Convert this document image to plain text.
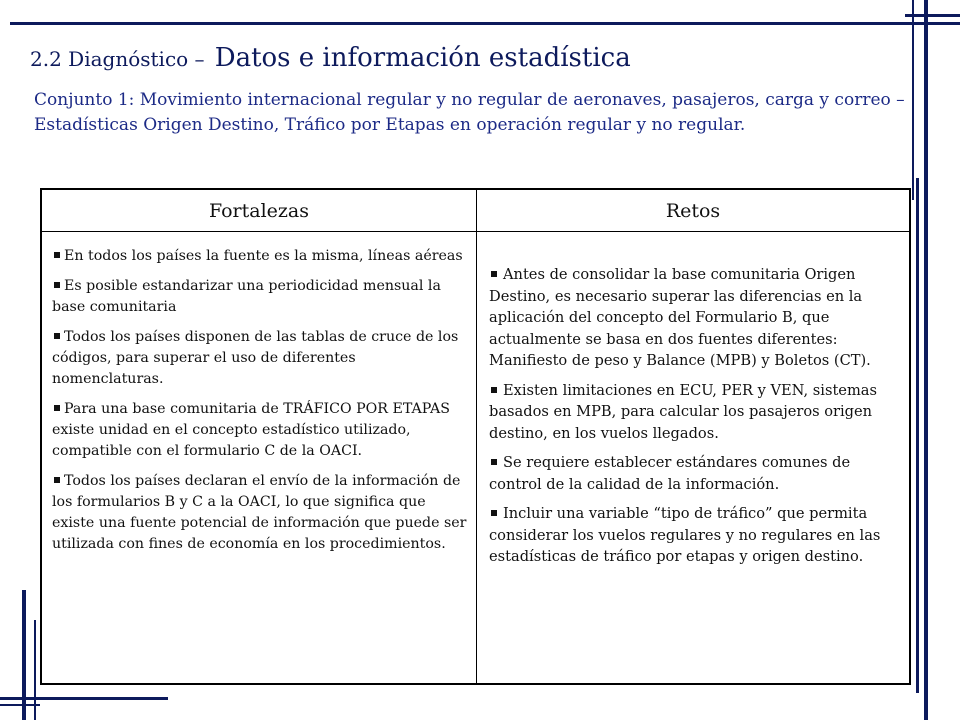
2.2 Diagnóstico – Datos e información estadística

Conjunto 1: Movimiento internacional regular y no regular de aeronaves, pasajeros, carga y correo – Estadísticas Origen Destino, Tráfico por Etapas en operación regular y no regular.

Fortalezas	Retos
En todos los países la fuente es la misma, líneas aéreas
Es posible estandarizar una periodicidad mensual la base comunitaria
Todos los países disponen de las tablas de cruce de los códigos, para superar el uso de diferentes nomenclaturas.
Para una base comunitaria de TRÁFICO POR ETAPAS existe unidad en el concepto estadístico utilizado, compatible con el formulario C de la OACI.
Todos los países declaran el envío de la información de los formularios B y C a la OACI, lo que significa que existe una fuente potencial de información que puede ser utilizada con fines de economía en los procedimientos.
Antes de consolidar la base comunitaria Origen Destino, es necesario superar las diferencias en la aplicación del concepto del Formulario B, que actualmente se basa en dos fuentes diferentes: Manifiesto de peso y Balance (MPB) y Boletos (CT).
Existen limitaciones en ECU, PER y VEN, sistemas basados en MPB, para calcular los pasajeros origen destino, en los vuelos llegados.
Se requiere establecer estándares comunes de control de la calidad de la información.
Incluir una variable “tipo de tráfico” que permita considerar los vuelos regulares y no regulares en las estadísticas de tráfico por etapas y origen destino.
